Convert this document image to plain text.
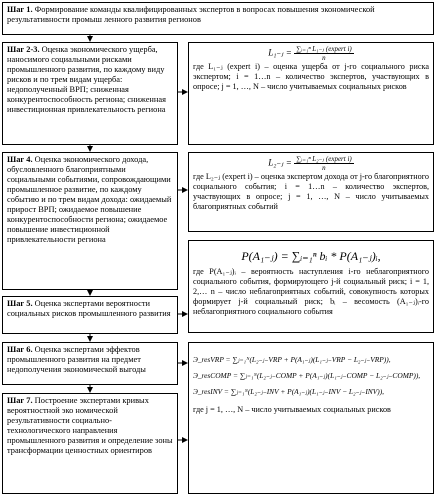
Шаг 1. Формирование команды квалифицированных экспертов в вопросах повышения экономической результативности промыш ленного развития регионов
Шаг 2-3. Оценка экономического ущерба, наносимого социальными рисками промышленного развития, по каждому виду рисков и по трем видам ущерба: недополученный ВРП; сниженная конкурентоспособность региона; сниженная инвестиционная привлекательность региона
L₁₋ⱼ = $\frac{\text{∑ᵢ₌₁ⁿ L₁₋ⱼ (expert i)}}{n}$
где L₁₋ⱼ (expert i) – оценка ущерба от j-го социального риска экспертом; i = 1…n – количество экспертов, участвующих в опросе; j = 1, …, N – число учитываемых социальных рисков
Шаг 4. Оценка экономического дохода, обусловленного благоприятными социальными событиями, сопровождающими промышленное развитие, по каждому событию и по трем видам дохода: ожидаемый прирост ВРП; ожидаемое повышение конкурентоспособности региона; ожидаемое повышение инвестиционной привлекательности региона
L₂₋ⱼ = $\frac{\text{∑ᵢ₌₁ⁿ L₂₋ⱼ (expert i)}}{n}$
где L₂₋ⱼ (expert i) – оценка экспертом дохода от j-го благоприятного социального события; i = 1…n – количество экспертов, участвующих в опросе; j = 1, …, N – число учитываемых благоприятных событий
P(A₁₋ⱼ) = ∑ᵢ₌₁ⁿ bᵢ * P(A₁₋ⱼ)ᵢ,
где P(A₁₋ⱼ)ᵢ – вероятность наступления i-го неблагоприятного социального события, формирующего j-й социальный риск; i = 1, 2,… n – число неблагоприятных событий, совокупность которых формирует j-й социальный риск; bᵢ – весомость (A₁₋ⱼ)ᵢ-го неблагоприятного социального события
Шаг 5. Оценка экспертами вероятности социальных рисков промышленного развития
Шаг 6. Оценка экспертами эффектов промышленного развития на предмет недополучения экономической выгоды
Шаг 7. Построение экспертами кривых вероятностной эко номической результативности социально-технологического направления промышленного развития и определение зоны трансформации ценностных ориентиров
Э_resVRP = ∑ⱼ₌₁ᴺ(L₂₋ⱼ₋VRP + P(A₁₋ⱼ)(L₁₋ⱼ₋VRP − L₂₋ⱼ₋VRP)),
Э_resCOMP = ∑ⱼ₌₁ᴺ(L₂₋ⱼ₋COMP + P(A₁₋ⱼ)(L₁₋ⱼ₋COMP − L₂₋ⱼ₋COMP)),
Э_resINV = ∑ⱼ₌₁ᴺ(L₂₋ⱼ₋INV + P(A₁₋ⱼ)(L₁₋ⱼ₋INV − L₂₋ⱼ₋INV)),
где j = 1, …, N – число учитываемых социальных рисков
